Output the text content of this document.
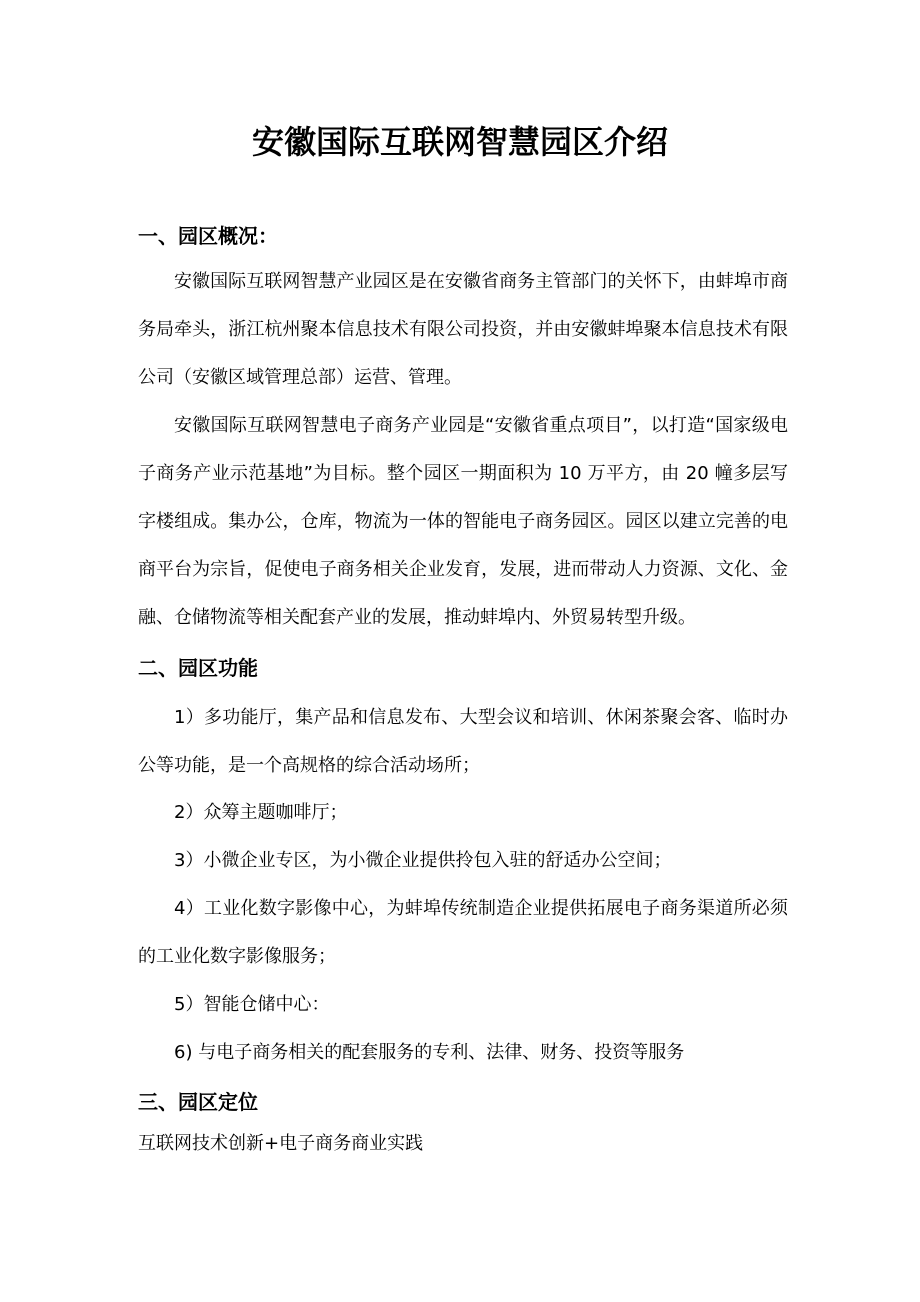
安徽国际互联网智慧园区介绍
一、园区概况：
安徽国际互联网智慧产业园区是在安徽省商务主管部门的关怀下，由蚌埠市商务局牵头，浙江杭州聚本信息技术有限公司投资，并由安徽蚌埠聚本信息技术有限公司（安徽区域管理总部）运营、管理。
安徽国际互联网智慧电子商务产业园是“安徽省重点项目”，以打造“国家级电子商务产业示范基地”为目标。整个园区一期面积为 10 万平方，由 20 幢多层写字楼组成。集办公，仓库，物流为一体的智能电子商务园区。园区以建立完善的电商平台为宗旨，促使电子商务相关企业发育，发展，进而带动人力资源、文化、金融、仓储物流等相关配套产业的发展，推动蚌埠内、外贸易转型升级。
二、园区功能
1）多功能厅，集产品和信息发布、大型会议和培训、休闲茶聚会客、临时办公等功能，是一个高规格的综合活动场所；
2）众筹主题咖啡厅；
3）小微企业专区，为小微企业提供拎包入驻的舒适办公空间；
4）工业化数字影像中心，为蚌埠传统制造企业提供拓展电子商务渠道所必须的工业化数字影像服务；
5）智能仓储中心：
6) 与电子商务相关的配套服务的专利、法律、财务、投资等服务
三、园区定位
互联网技术创新+电子商务商业实践
